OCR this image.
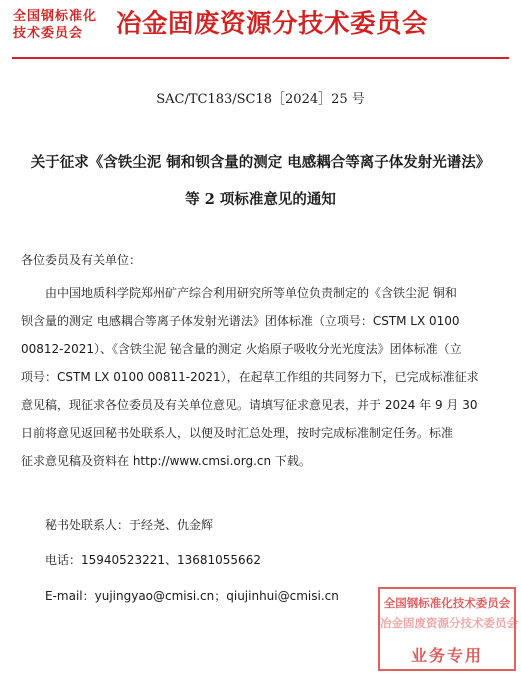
全国钢标准化
技术委员会	冶金固废资源分技术委员会
SAC/TC183/SC18［2024］25 号
关于征求《含铁尘泥 铜和钡含量的测定 电感耦合等离子体发射光谱法》
等 2 项标准意见的通知
各位委员及有关单位：
由中国地质科学院郑州矿产综合利用研究所等单位负责制定的《含铁尘泥 铜和
钡含量的测定 电感耦合等离子体发射光谱法》团体标准（立项号：CSTM LX 0100
00812-2021）、《含铁尘泥 铋含量的测定 火焰原子吸收分光光度法》团体标准（立
项号：CSTM LX 0100 00811-2021），在起草工作组的共同努力下，已完成标准征求
意见稿，现征求各位委员及有关单位意见。请填写征求意见表，并于 2024 年 9 月 30
日前将意见返回秘书处联系人，以便及时汇总处理，按时完成标准制定任务。标准
征求意见稿及资料在 http://www.cmsi.org.cn 下载。
秘书处联系人：于经尧、仇金辉
电话：15940523221、13681055662
E-mail：yujingyao@cmisi.cn；qiujinhui@cmisi.cn	全国钢标准化技术委员会
冶金固废资源分技术委员会
业务专用
